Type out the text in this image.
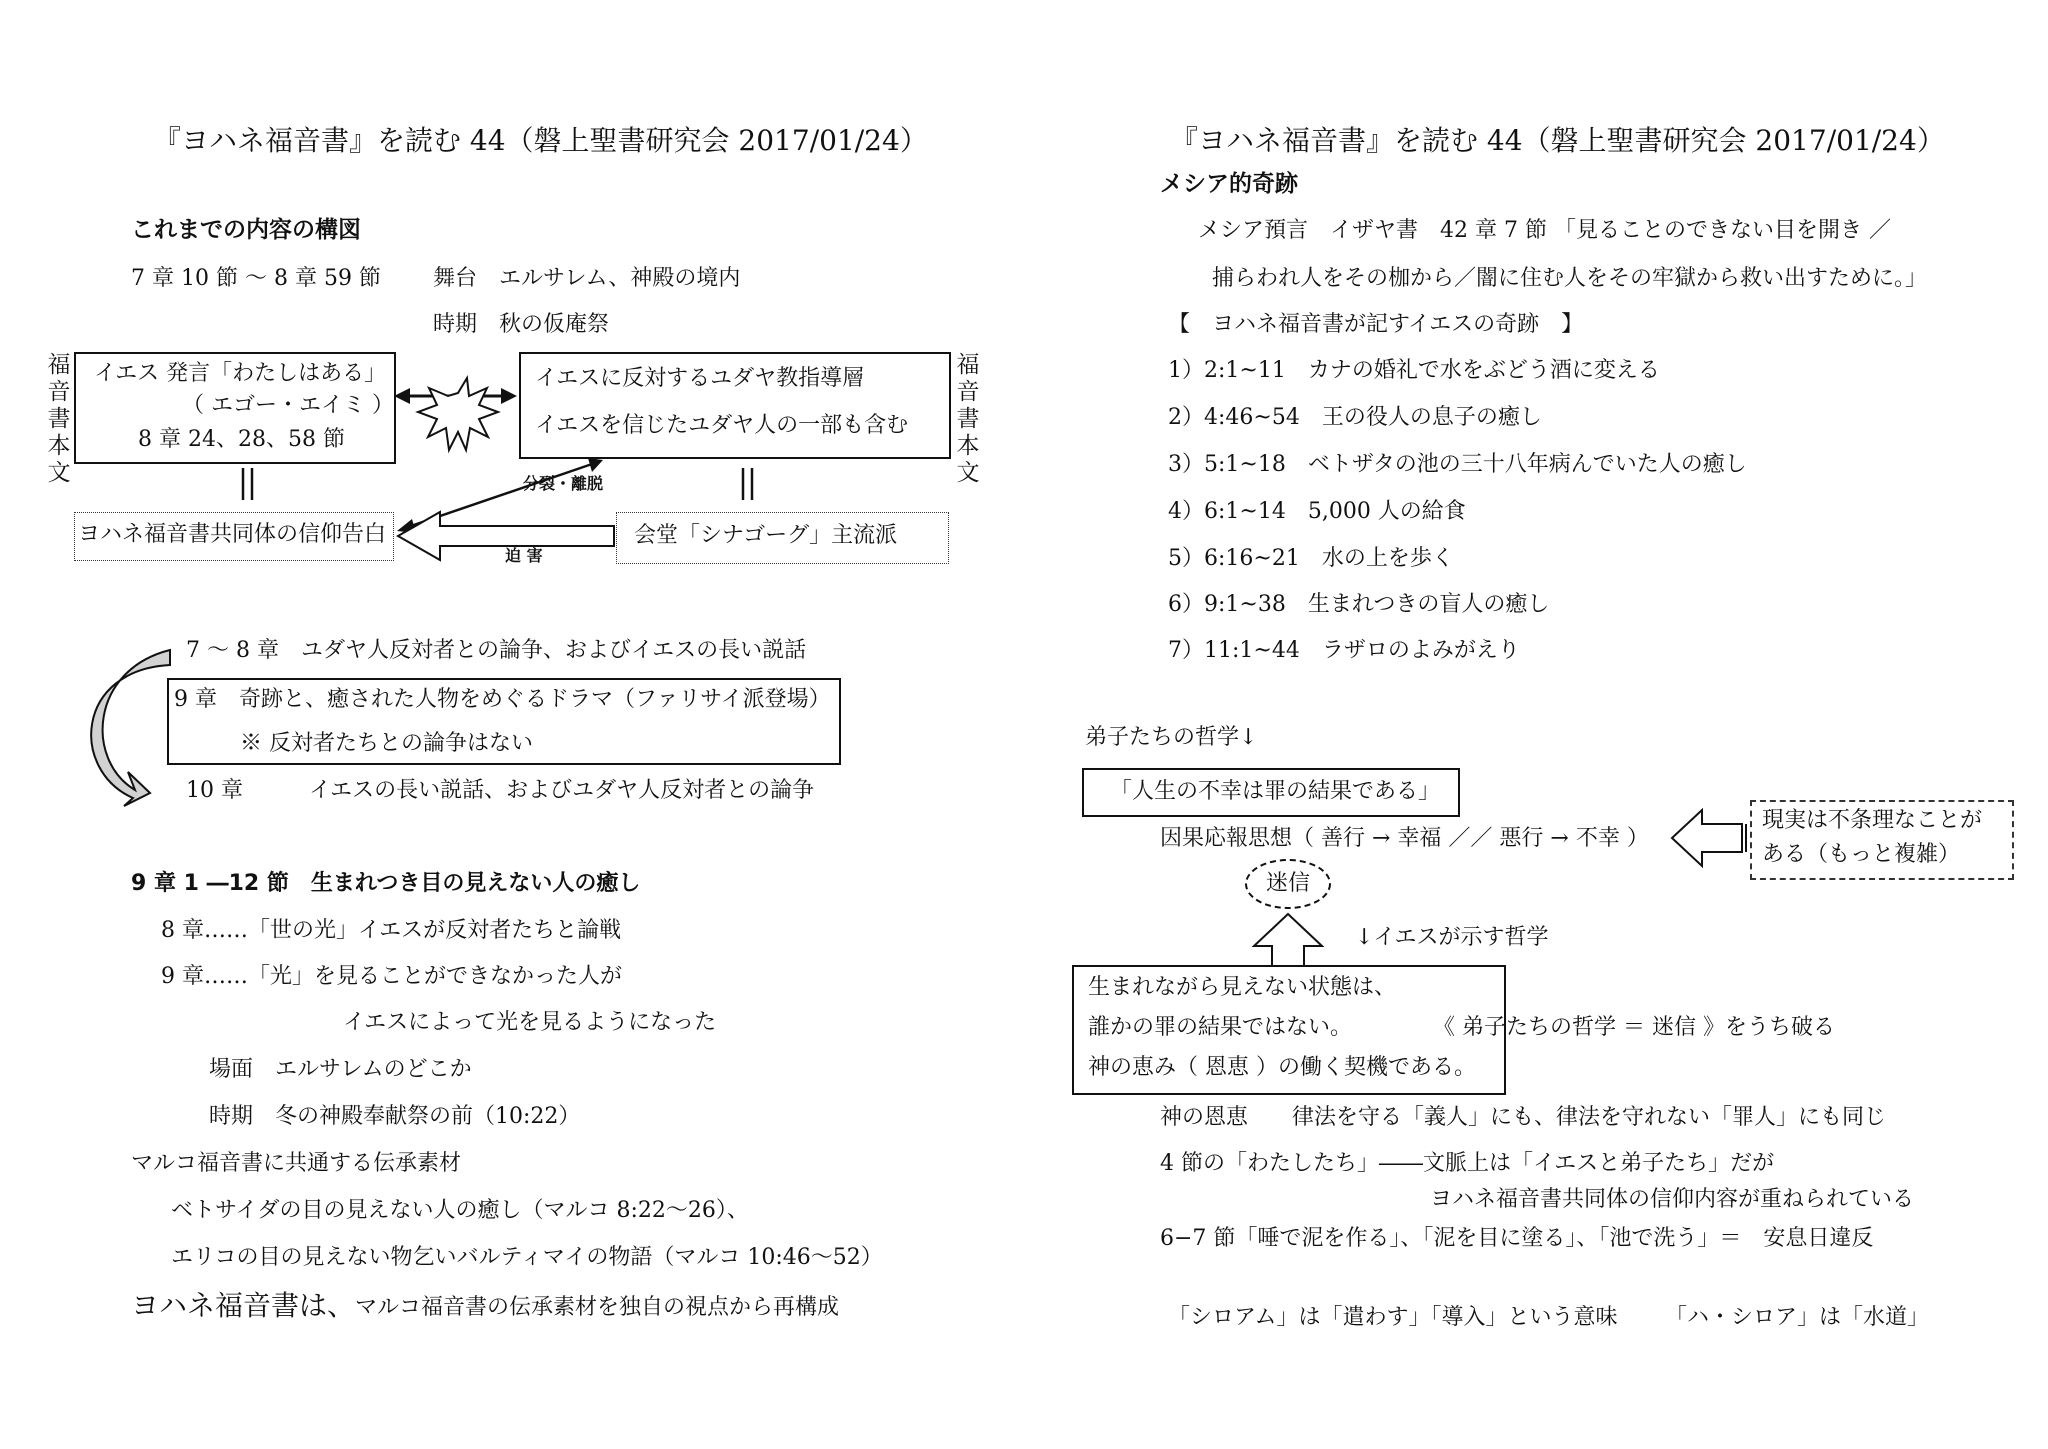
『ヨハネ福音書』を読む 44（磐上聖書研究会 2017/01/24）
これまでの内容の構図
7 章 10 節 〜 8 章 59 節 舞台　エルサレム、神殿の境内
時期　秋の仮庵祭
福音書本文
福音書本文
イエス 発言「わたしはある」
（ エゴー・エイミ ）
8 章 24、28、58 節
イエスに反対するユダヤ教指導層
イエスを信じたユダヤ人の一部も含む
ヨハネ福音書共同体の信仰告白	会堂「シナゴーグ」主流派
分裂・離脱
迫 害
7 〜 8 章　ユダヤ人反対者との論争、およびイエスの長い説話
9 章　奇跡と、癒された人物をめぐるドラマ（ファリサイ派登場）
※ 反対者たちとの論争はない
10 章　　　イエスの長い説話、およびユダヤ人反対者との論争
9 章 1 ―12 節　生まれつき目の見えない人の癒し
8 章……「世の光」イエスが反対者たちと論戦
9 章……「光」を見ることができなかった人が
イエスによって光を見るようになった
場面　エルサレムのどこか
時期　冬の神殿奉献祭の前（10:22）
マルコ福音書に共通する伝承素材
ベトサイダの目の見えない人の癒し（マルコ 8:22〜26）、
エリコの目の見えない物乞いバルティマイの物語（マルコ 10:46〜52）
ヨハネ福音書は、 マルコ福音書の伝承素材を独自の視点から再構成
『ヨハネ福音書』を読む 44（磐上聖書研究会 2017/01/24）
メシア的奇跡
メシア預言　イザヤ書　42 章 7 節 「見ることのできない目を開き ／
捕らわれ人をその枷から／闇に住む人をその牢獄から救い出すために。」
【　ヨハネ福音書が記すイエスの奇跡　】
1）2:1~11　カナの婚礼で水をぶどう酒に変える
2）4:46~54　王の役人の息子の癒し
3）5:1~18　ベトザタの池の三十八年病んでいた人の癒し
4）6:1~14　5,000 人の給食
5）6:16~21　水の上を歩く
6）9:1~38　生まれつきの盲人の癒し
7）11:1~44　ラザロのよみがえり
弟子たちの哲学↓
「人生の不幸は罪の結果である」
因果応報思想（ 善行 → 幸福 ／／ 悪行 → 不幸 ）
現実は不条理なことが
ある（もっと複雑）
迷信
↓イエスが示す哲学
生まれながら見えない状態は、
誰かの罪の結果ではない。
神の恵み（ 恩恵 ）の働く契機である。
《 弟子たちの哲学 ＝ 迷信 》をうち破る
神の恩恵　　律法を守る「義人」にも、律法を守れない「罪人」にも同じ
4 節の「わたしたち」――文脈上は「イエスと弟子たち」だが
ヨハネ福音書共同体の信仰内容が重ねられている
6−7 節「唾で泥を作る」、「泥を目に塗る」、「池で洗う」＝　安息日違反
「シロアム」は「遣わす」「導入」という意味 「ハ・シロア」は「水道」
